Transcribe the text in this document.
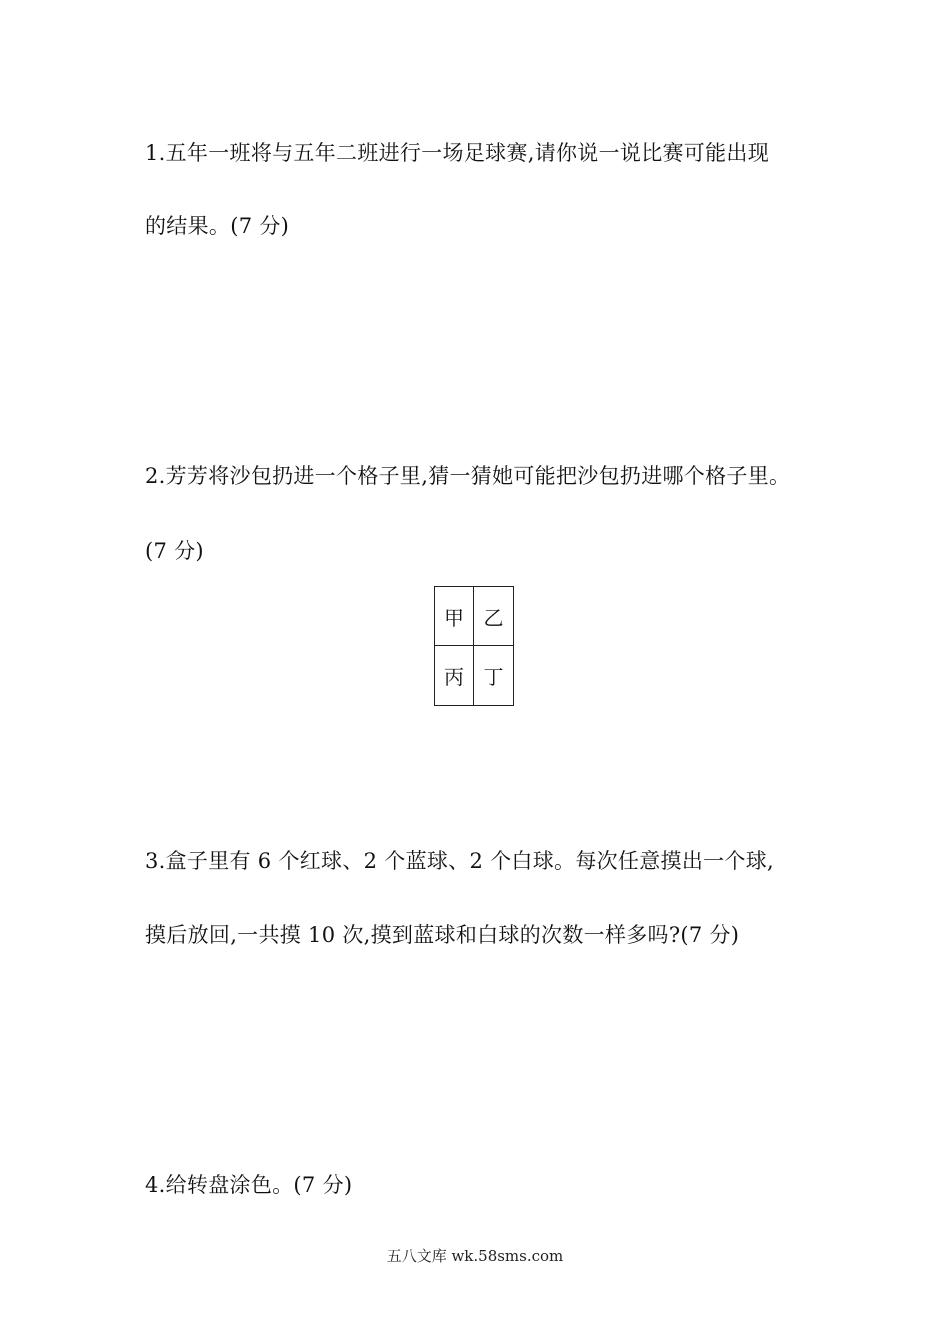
1.五年一班将与五年二班进行一场足球赛,请你说一说比赛可能出现
的结果。(7 分)
2.芳芳将沙包扔进一个格子里,猜一猜她可能把沙包扔进哪个格子里。
(7 分)
甲 乙
丙 丁
3.盒子里有 6 个红球、2 个蓝球、2 个白球。每次任意摸出一个球,
摸后放回,一共摸 10 次,摸到蓝球和白球的次数一样多吗?(7 分)
4.给转盘涂色。(7 分)
五八文库 wk.58sms.com
